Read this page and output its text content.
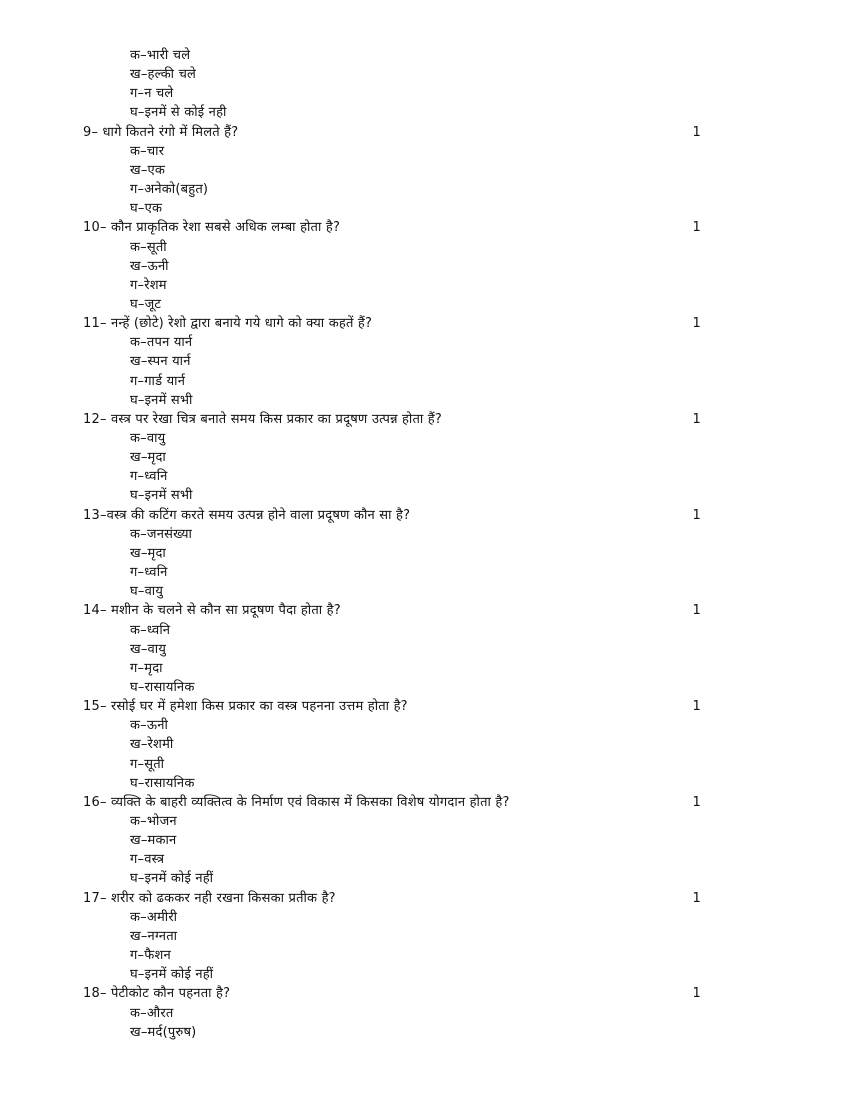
क–भारी चले
ख–हल्की चले
ग–न चले
घ–इनमें से कोई नही
9– धागे कितने रंगो में मिलते हैं?	1
क–चार
ख–एक
ग–अनेको(बहुत)
घ–एक
10– कौन प्राकृतिक रेशा सबसे अधिक लम्बा होता है?	1
क–सूती
ख–ऊनी
ग–रेशम
घ–जूट
11– नन्हें (छोटे) रेशो द्वारा बनाये गये धागे को क्या कहतें हैं?	1
क–तपन यार्न
ख–स्पन यार्न
ग–गार्ड यार्न
घ–इनमें सभी
12– वस्त्र पर रेखा चित्र बनाते समय किस प्रकार का प्रदूषण उत्पन्न होता हैं?	1
क–वायु
ख–मृदा
ग–ध्वनि
घ–इनमें सभी
13–वस्त्र की कटिंग करते समय उत्पन्न होने वाला प्रदूषण कौन सा है?	1
क–जनसंख्या
ख–मृदा
ग–ध्वनि
घ–वायु
14– मशीन के चलने से कौन सा प्रदूषण पैदा होता है?	1
क–ध्वनि
ख–वायु
ग–मृदा
घ–रासायनिक
15– रसोई घर में हमेशा किस प्रकार का वस्त्र पहनना उत्तम होता है?	1
क–ऊनी
ख–रेशमी
ग–सूती
घ–रासायनिक
16– व्यक्ति के बाहरी व्यक्तित्व के निर्माण एवं विकास में किसका विशेष योगदान होता है?	1
क–भोजन
ख–मकान
ग–वस्त्र
घ–इनमें कोई नहीं
17– शरीर को ढककर नही रखना किसका प्रतीक है?	1
क–अमीरी
ख–नग्नता
ग–फैशन
घ–इनमें कोई नहीं
18– पेटीकोट कौन पहनता है?	1
क–औरत
ख–मर्द(पुरुष)
